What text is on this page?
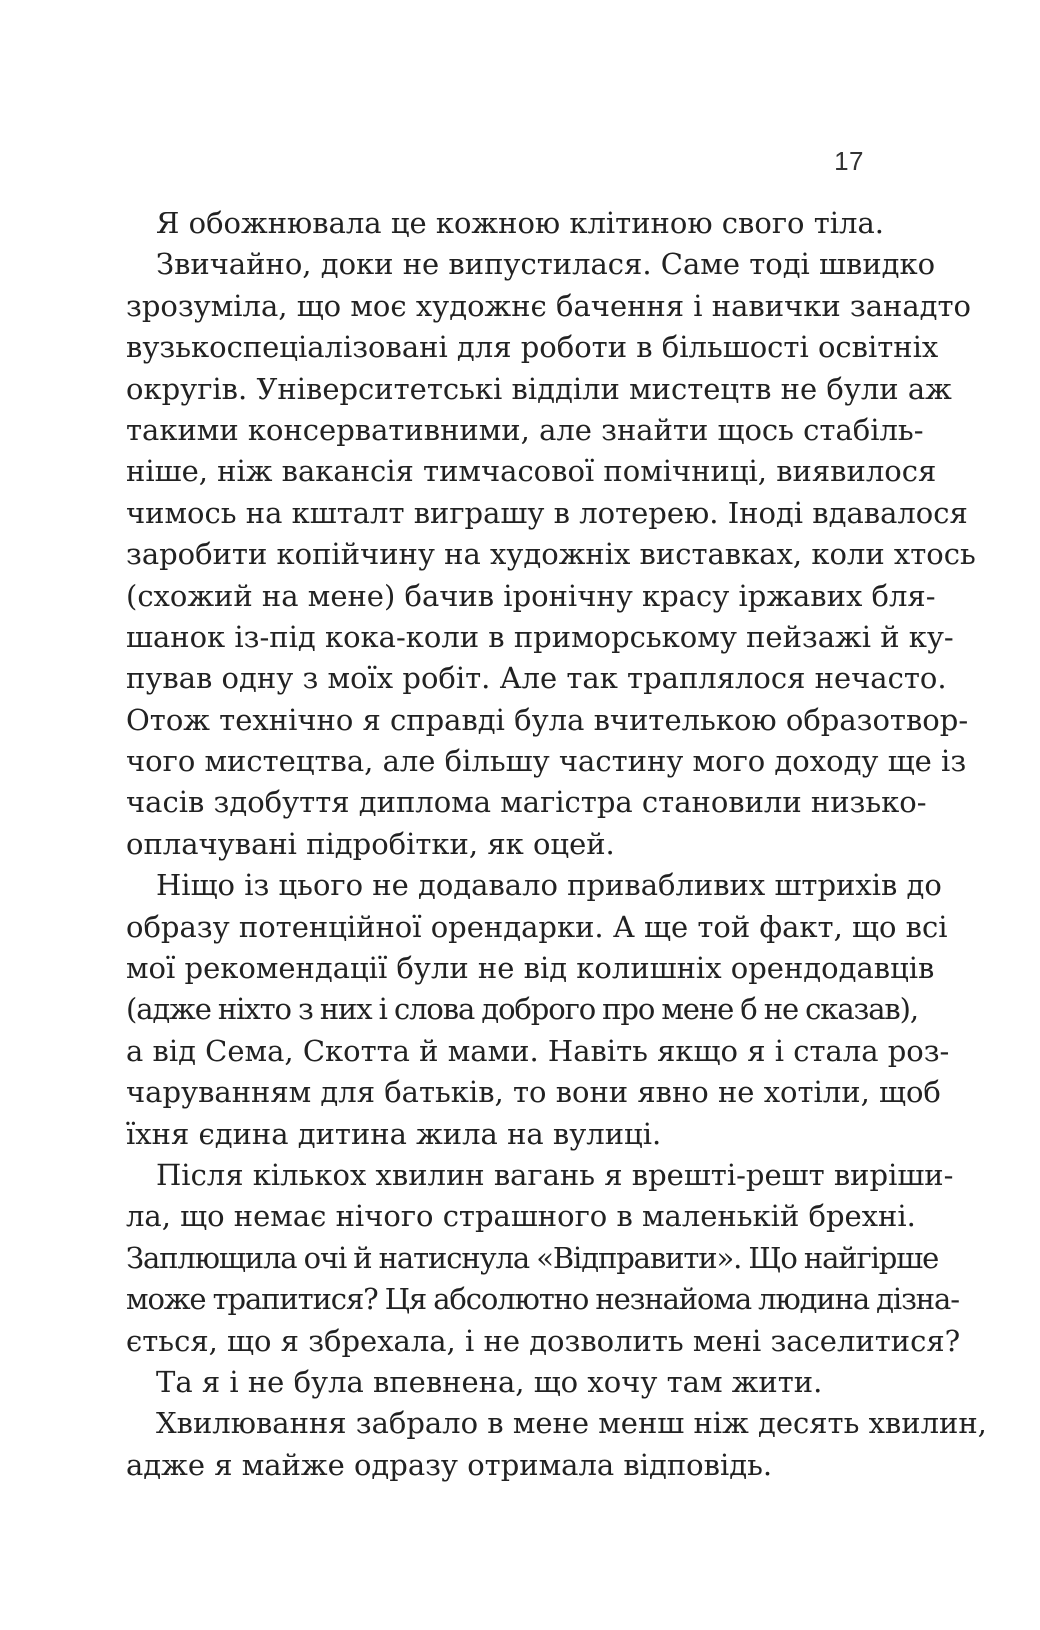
17
Я обожнювала це кожною клітиною свого тіла.
Звичайно, доки не випустилася. Саме тоді швидко
зрозуміла, що моє художнє бачення і навички занадто
вузькоспеціалізовані для роботи в більшості освітніх
округів. Університетські відділи мистецтв не були аж
такими консервативними, але знайти щось стабіль-
ніше, ніж вакансія тимчасової помічниці, виявилося
чимось на кшталт виграшу в лотерею. Іноді вдавалося
заробити копійчину на художніх виставках, коли хтось
(схожий на мене) бачив іронічну красу іржавих бля-
шанок із-під кока-коли в приморському пейзажі й ку-
пував одну з моїх робіт. Але так траплялося нечасто.
Отож технічно я справді була вчителькою образотвор-
чого мистецтва, але більшу частину мого доходу ще із
часів здобуття диплома магістра становили низько-
оплачувані підробітки, як оцей.
Ніщо із цього не додавало привабливих штрихів до
образу потенційної орендарки. А ще той факт, що всі
мої рекомендації були не від колишніх орендодавців
(адже ніхто з них і слова доброго про мене б не сказав),
а від Сема, Скотта й мами. Навіть якщо я і стала роз-
чаруванням для батьків, то вони явно не хотіли, щоб
їхня єдина дитина жила на вулиці.
Після кількох хвилин вагань я врешті-решт виріши-
ла, що немає нічого страшного в маленькій брехні.
Заплющила очі й натиснула «Відправити». Що найгірше
може трапитися? Ця абсолютно незнайома людина дізна-
ється, що я збрехала, і не дозволить мені заселитися?
Та я і не була впевнена, що хочу там жити.
Хвилювання забрало в мене менш ніж десять хвилин,
адже я майже одразу отримала відповідь.
